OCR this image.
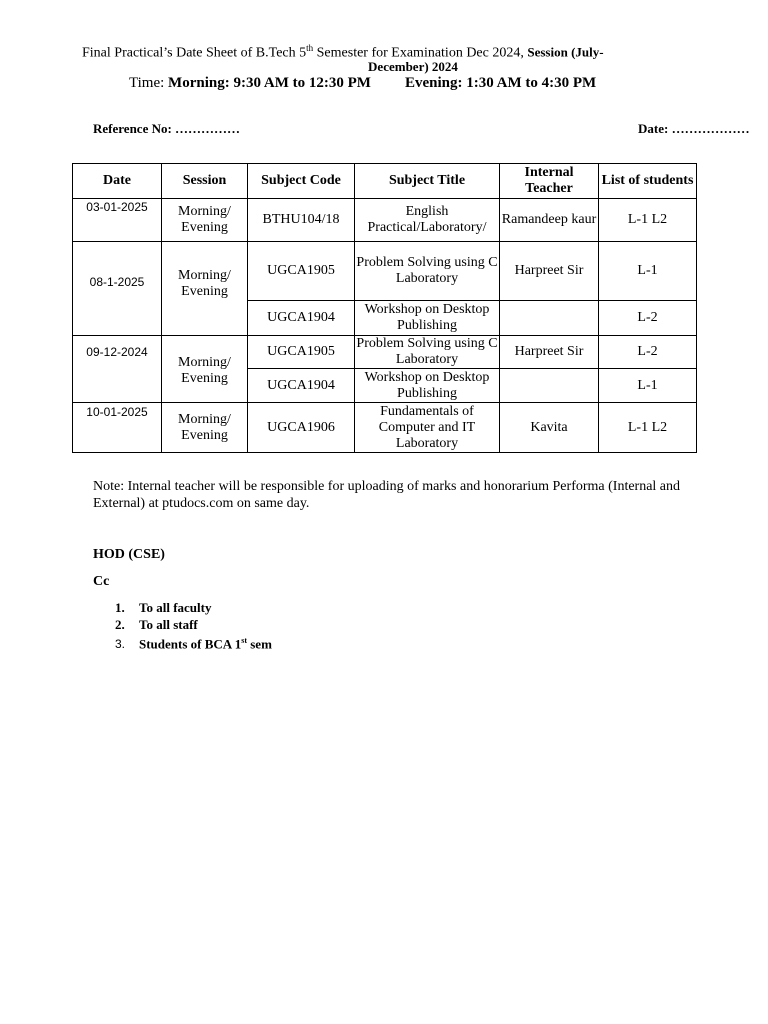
Final Practical’s Date Sheet of B.Tech 5th Semester for Examination Dec 2024, Session (July-
December) 2024
Time: Morning: 9:30 AM to 12:30 PM Evening: 1:30 AM to 4:30 PM
Reference No: ……………	Date: ………………
Date	Session	Subject Code	Subject Title	Internal Teacher	List of students
03-01-2025	Morning/ Evening	BTHU104/18	English Practical/Laboratory/	Ramandeep kaur	L-1 L2
08-1-2025	Morning/ Evening	UGCA1905	Problem Solving using C Laboratory	Harpreet Sir	L-1
		UGCA1904	Workshop on Desktop Publishing		L-2
09-12-2024	Morning/ Evening	UGCA1905	Problem Solving using C Laboratory	Harpreet Sir	L-2
		UGCA1904	Workshop on Desktop Publishing		L-1
10-01-2025	Morning/ Evening	UGCA1906	Fundamentals of Computer and IT Laboratory	Kavita	L-1 L2
Note: Internal teacher will be responsible for uploading of marks and honorarium Performa (Internal and External) at ptudocs.com on same day.
HOD (CSE)
Cc
1. To all faculty
2. To all staff
3. Students of BCA 1st sem
